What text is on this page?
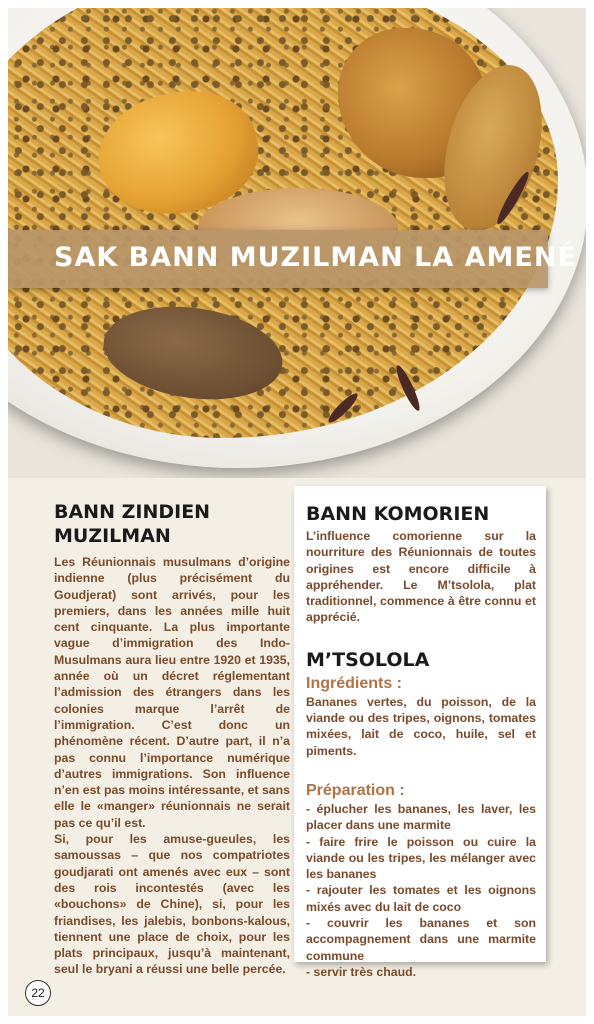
SAK BANN MUZILMAN LA AMENÉ
BANN ZINDIEN
MUZILMAN

Les Réunionnais musulmans d’origine indienne (plus précisément du Goudjerat) sont arrivés, pour les premiers, dans les années mille huit cent cinquante. La plus importante vague d’immigration des Indo-Musulmans aura lieu entre 1920 et 1935, année où un décret réglementant l’admission des étrangers dans les colonies marque l’arrêt de l’immigration. C’est donc un phénomène récent. D’autre part, il n’a pas connu l’importance numérique d’autres immigrations. Son influence n’en est pas moins intéressante, et sans elle le «manger» réunionnais ne serait pas ce qu’il est.

Si, pour les amuse-gueules, les samoussas – que nos compatriotes goudjarati ont amenés avec eux – sont des rois incontestés (avec les «bouchons» de Chine), si, pour les friandises, les jalebis, bonbons-kalous, tiennent une place de choix, pour les plats principaux, jusqu’à maintenant, seul le bryani a réussi une belle percée.

BANN KOMORIEN

L’influence comorienne sur la nourriture des Réunionnais de toutes origines est encore difficile à appréhender. Le M’tsolola, plat traditionnel, commence à être connu et apprécié.

M’TSOLOLA

Ingrédients :

Bananes vertes, du poisson, de la viande ou des tripes, oignons, tomates mixées, lait de coco, huile, sel et piments.

Préparation :

- éplucher les bananes, les laver, les placer dans une marmite

- faire frire le poisson ou cuire la viande ou les tripes, les mélanger avec les bananes

- rajouter les tomates et les oignons mixés avec du lait de coco

- couvrir les bananes et son accompagnement dans une marmite commune

- servir très chaud.

22
